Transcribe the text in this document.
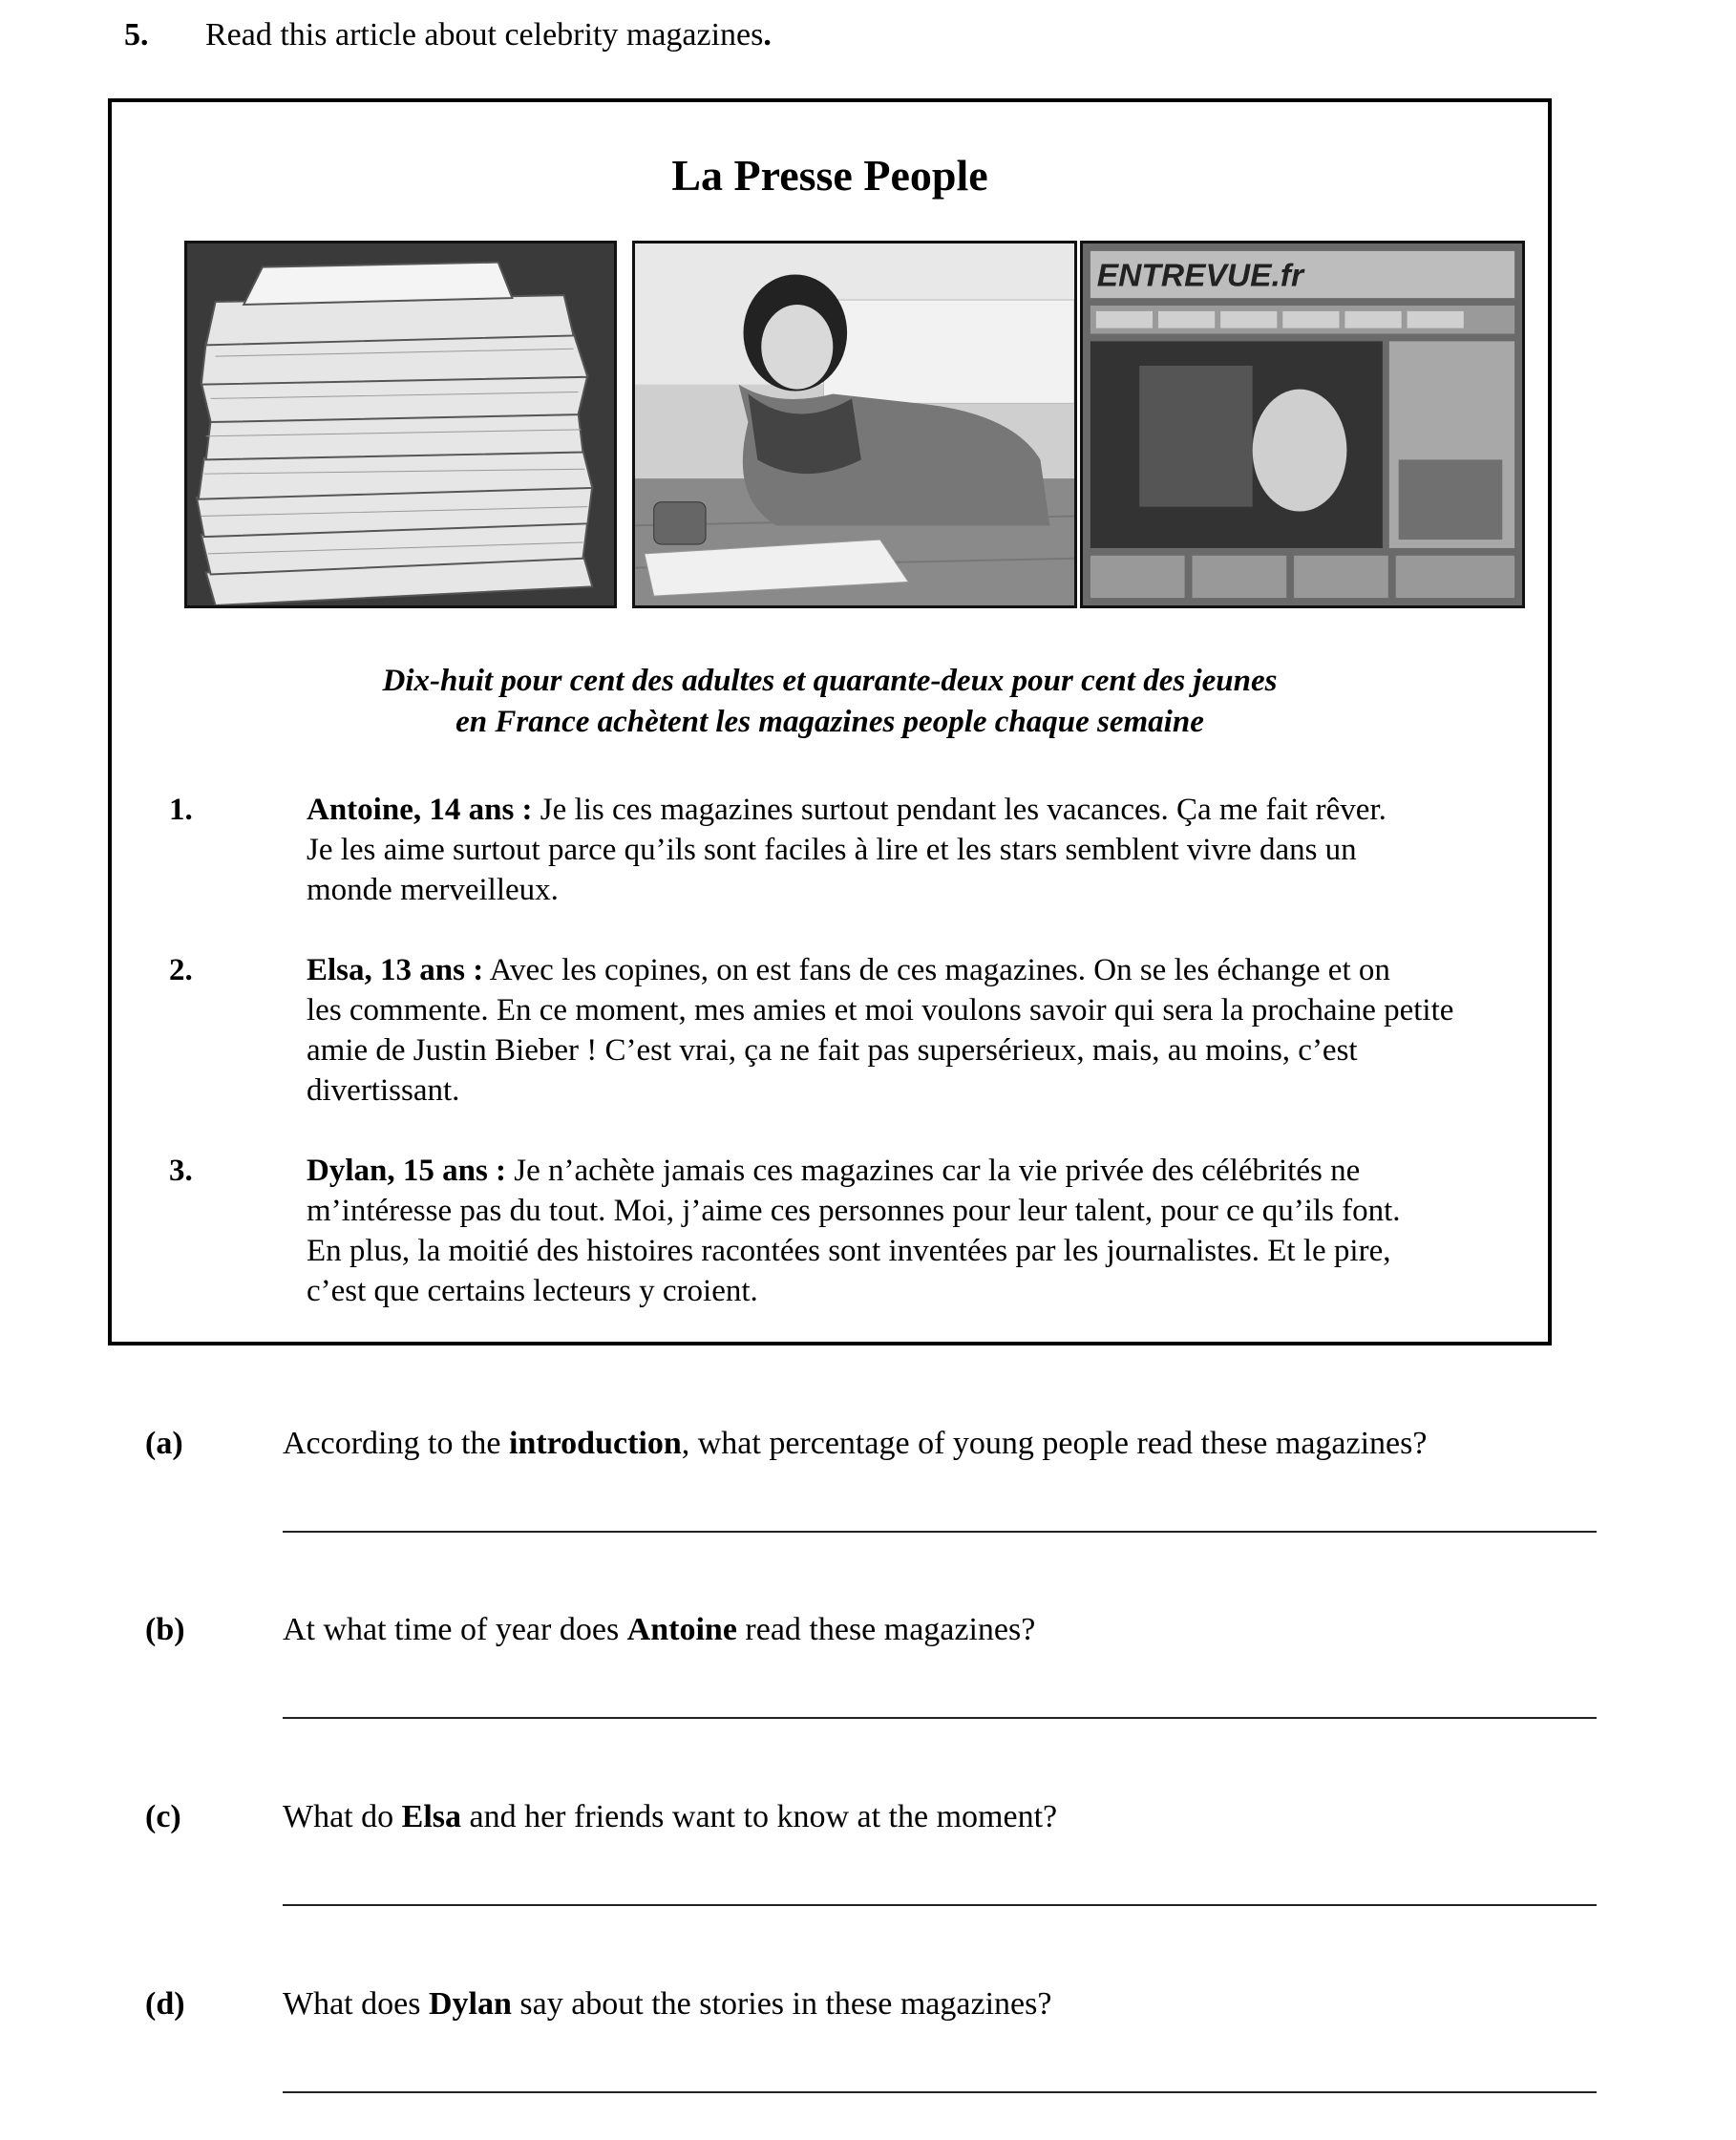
5. Read this article about celebrity magazines.
La Presse People
ENTREVUE.fr
Dix-huit pour cent des adultes et quarante-deux pour cent des jeunes
en France achètent les magazines people chaque semaine
1.	Antoine, 14 ans : Je lis ces magazines surtout pendant les vacances. Ça me fait rêver.
Je les aime surtout parce qu’ils sont faciles à lire et les stars semblent vivre dans un
monde merveilleux.
2.	Elsa, 13 ans : Avec les copines, on est fans de ces magazines. On se les échange et on
les commente. En ce moment, mes amies et moi voulons savoir qui sera la prochaine petite
amie de Justin Bieber ! C’est vrai, ça ne fait pas supersérieux, mais, au moins, c’est
divertissant.
3.	Dylan, 15 ans : Je n’achète jamais ces magazines car la vie privée des célébrités ne
m’intéresse pas du tout. Moi, j’aime ces personnes pour leur talent, pour ce qu’ils font.
En plus, la moitié des histoires racontées sont inventées par les journalistes. Et le pire,
c’est que certains lecteurs y croient.
(a)	According to the introduction, what percentage of young people read these magazines?
(b)	At what time of year does Antoine read these magazines?
(c)	What do Elsa and her friends want to know at the moment?
(d)	What does Dylan say about the stories in these magazines?
